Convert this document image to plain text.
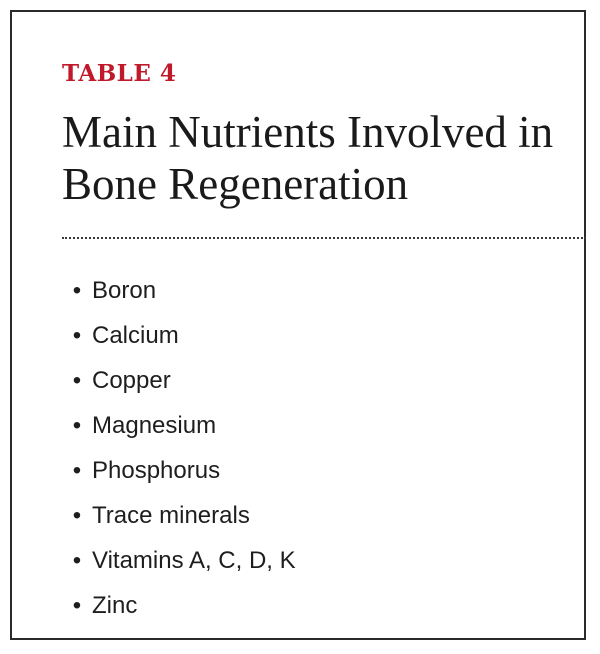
TABLE 4
Main Nutrients Involved in Bone Regeneration
• Boron
• Calcium
• Copper
• Magnesium
• Phosphorus
• Trace minerals
• Vitamins A, C, D, K
• Zinc
